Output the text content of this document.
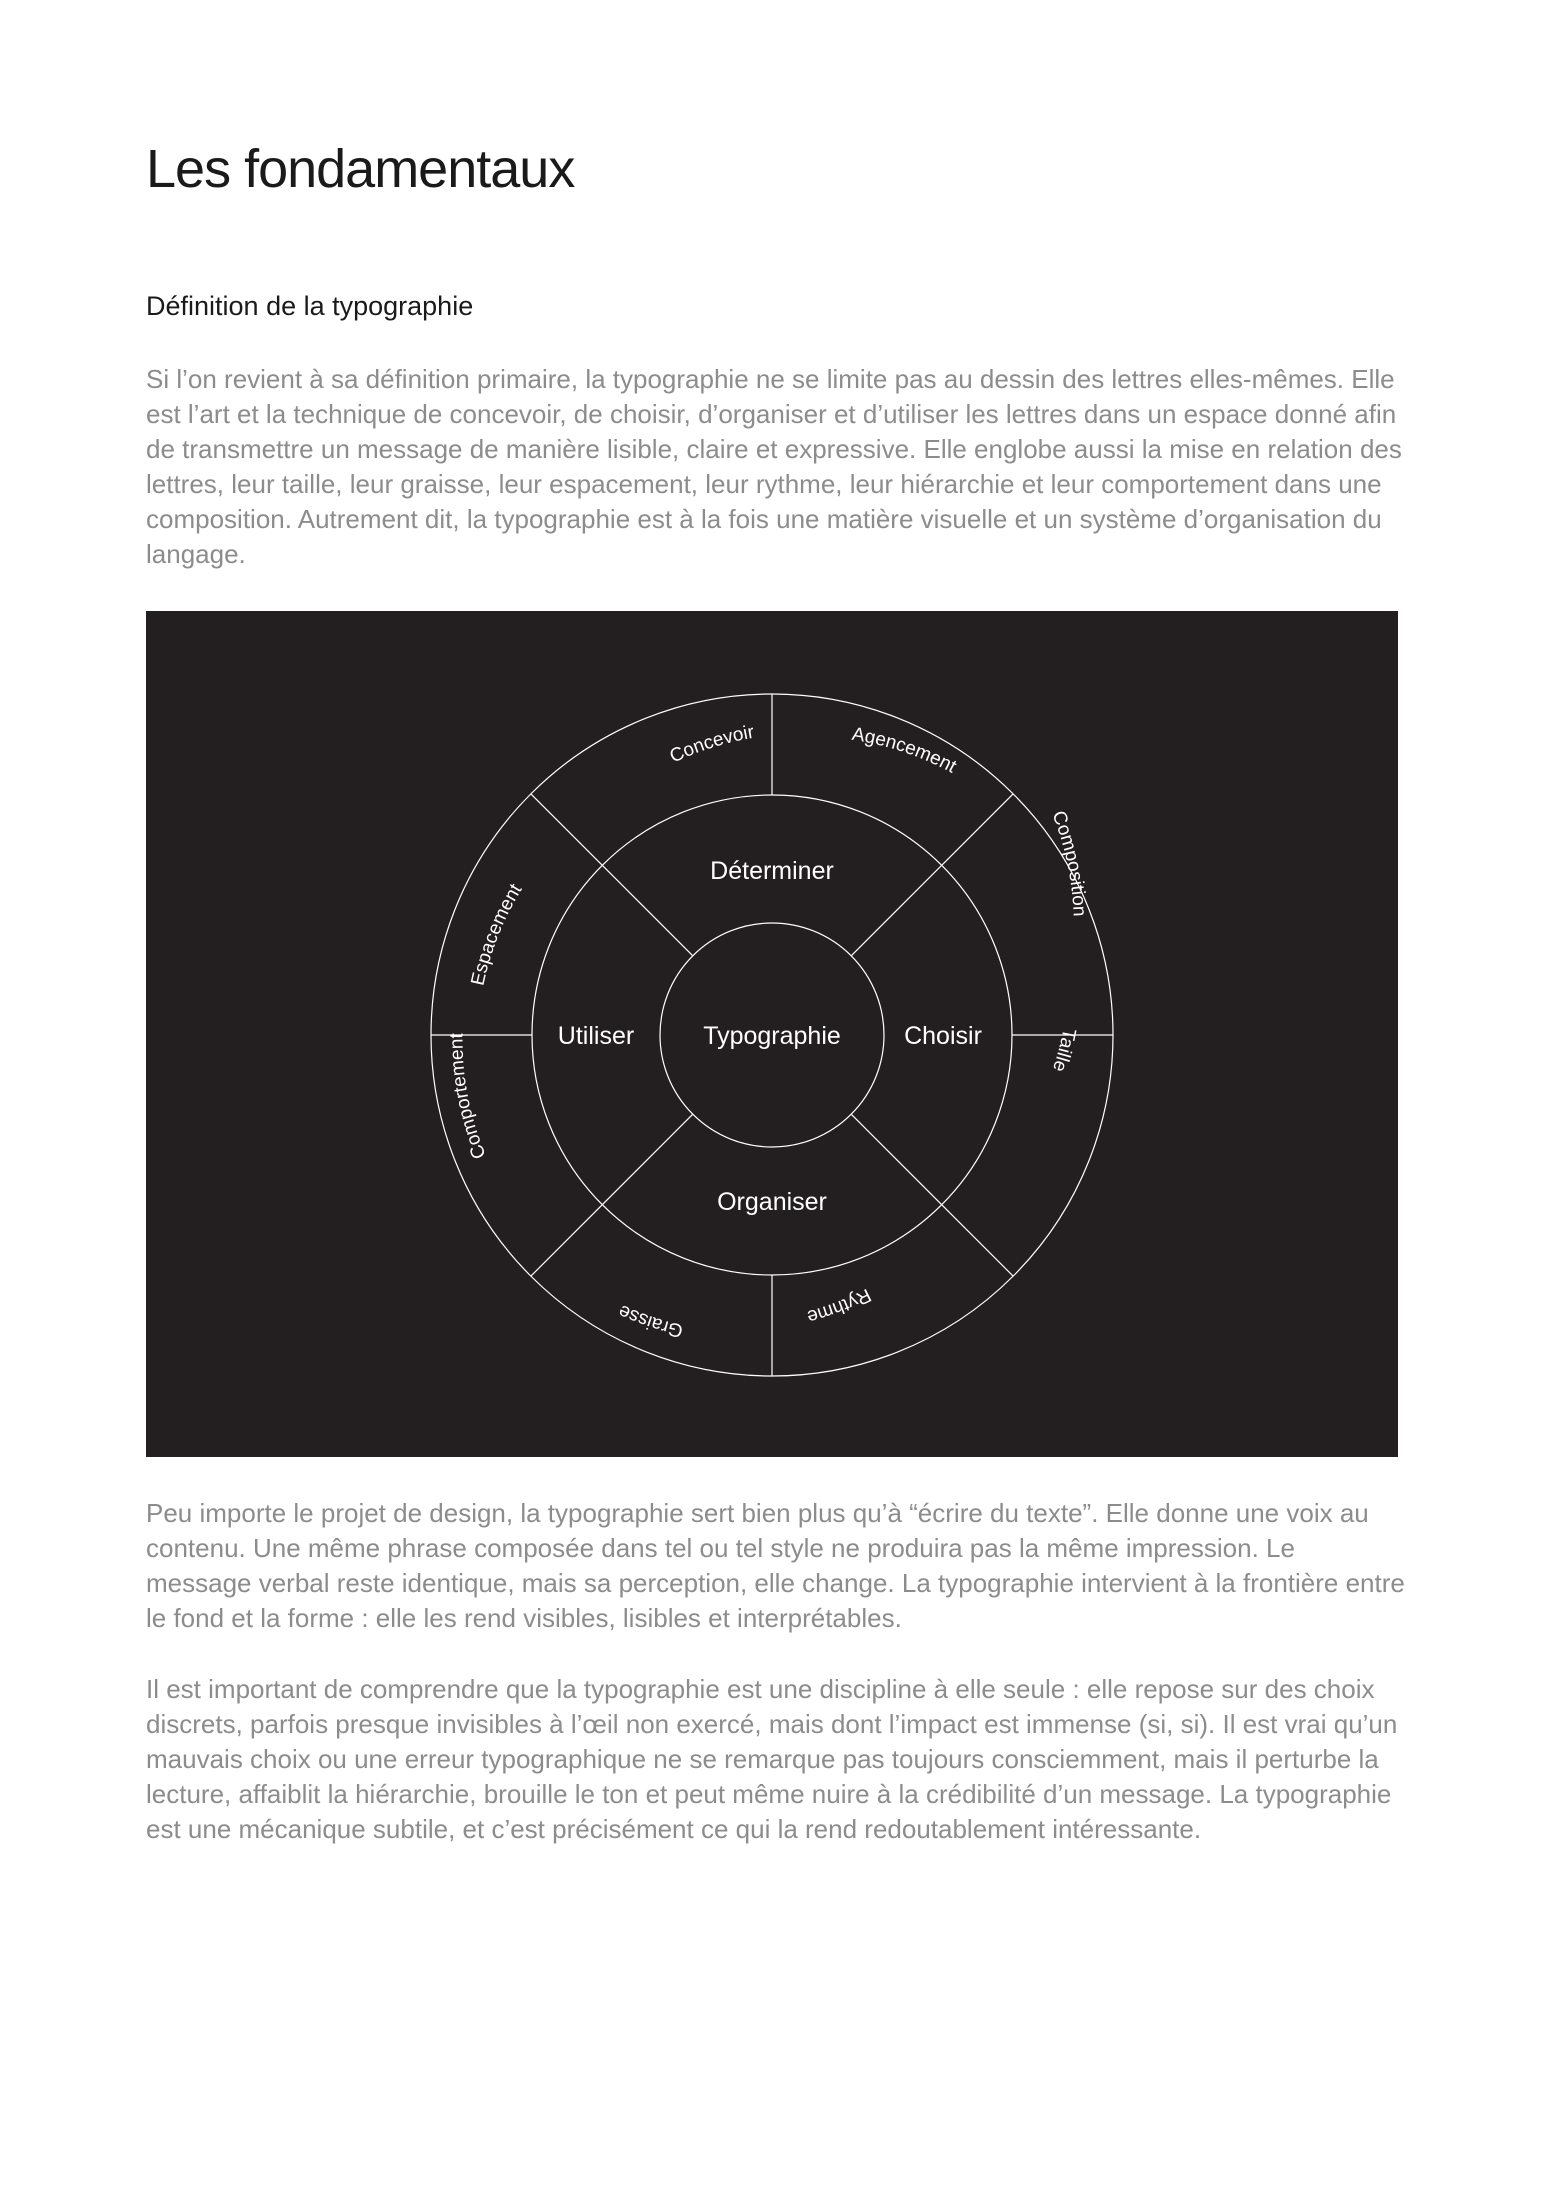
Les fondamentaux
Définition de la typographie

Si l’on revient à sa définition primaire, la typographie ne se limite pas au dessin des lettres elles-mêmes. Elle est l’art et la technique de concevoir, de choisir, d’organiser et d’utiliser les lettres dans un espace donné afin de transmettre un message de manière lisible, claire et expressive. Elle englobe aussi la mise en relation des lettres, leur taille, leur graisse, leur espacement, leur rythme, leur hiérarchie et leur comportement dans une composition. Autrement dit, la typographie est à la fois une matière visuelle et un système d’organisation du langage.

Typographie
Déterminer
Choisir
Organiser
Utiliser
Concevoir	Agencement
Composition
Taille
Rythme
Graisse
Comportement
Espacement

Peu importe le projet de design, la typographie sert bien plus qu’à “écrire du texte”. Elle donne une voix au contenu. Une même phrase composée dans tel ou tel style ne produira pas la même impression. Le message verbal reste identique, mais sa perception, elle change. La typographie intervient à la frontière entre le fond et la forme : elle les rend visibles, lisibles et interprétables.

Il est important de comprendre que la typographie est une discipline à elle seule : elle repose sur des choix discrets, parfois presque invisibles à l’œil non exercé, mais dont l’impact est immense (si, si). Il est vrai qu’un mauvais choix ou une erreur typographique ne se remarque pas toujours consciemment, mais il perturbe la lecture, affaiblit la hiérarchie, brouille le ton et peut même nuire à la crédibilité d’un message. La typographie est une mécanique subtile, et c’est précisément ce qui la rend redoutablement intéressante.
